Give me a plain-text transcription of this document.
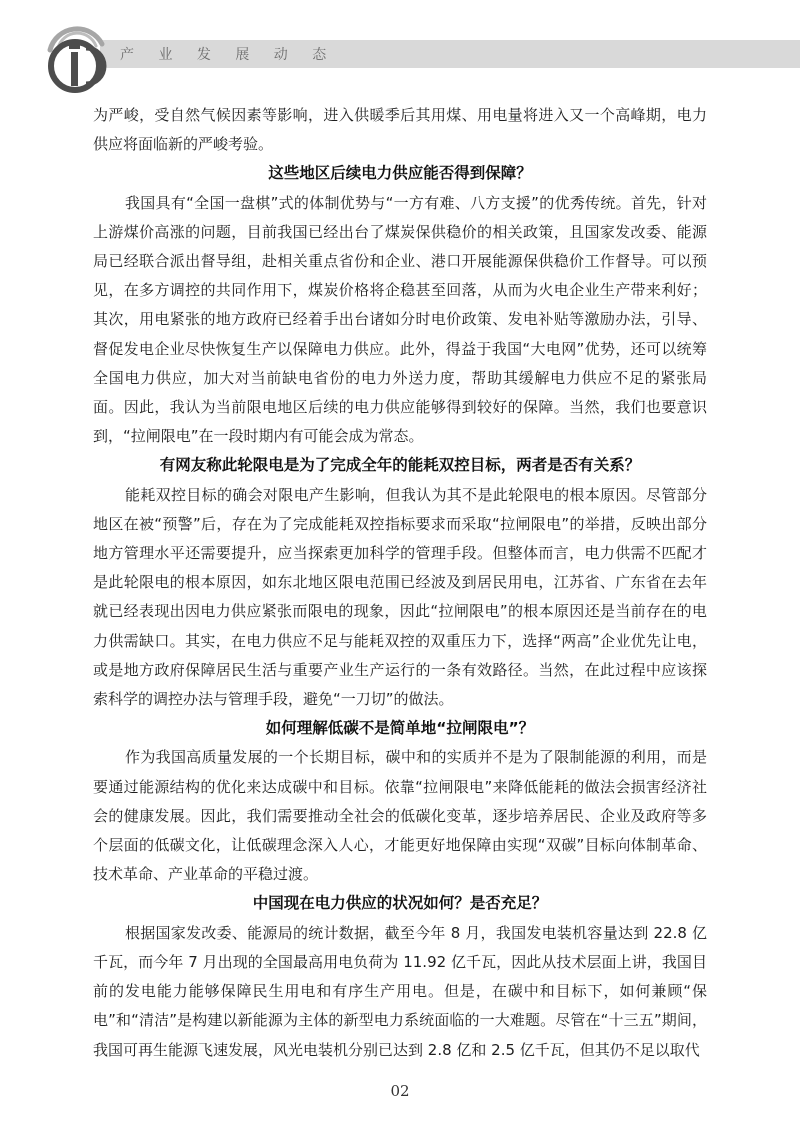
产 业 发 展 动 态

为严峻，受自然气候因素等影响，进入供暖季后其用煤、用电量将进入又一个高峰期，电力供应将面临新的严峻考验。

这些地区后续电力供应能否得到保障？

我国具有“全国一盘棋”式的体制优势与“一方有难、八方支援”的优秀传统。首先，针对上游煤价高涨的问题，目前我国已经出台了煤炭保供稳价的相关政策，且国家发改委、能源局已经联合派出督导组，赴相关重点省份和企业、港口开展能源保供稳价工作督导。可以预见，在多方调控的共同作用下，煤炭价格将企稳甚至回落，从而为火电企业生产带来利好；其次，用电紧张的地方政府已经着手出台诸如分时电价政策、发电补贴等激励办法，引导、督促发电企业尽快恢复生产以保障电力供应。此外，得益于我国“大电网”优势，还可以统筹全国电力供应，加大对当前缺电省份的电力外送力度，帮助其缓解电力供应不足的紧张局面。因此，我认为当前限电地区后续的电力供应能够得到较好的保障。当然，我们也要意识到，“拉闸限电”在一段时期内有可能会成为常态。

有网友称此轮限电是为了完成全年的能耗双控目标，两者是否有关系？

能耗双控目标的确会对限电产生影响，但我认为其不是此轮限电的根本原因。尽管部分地区在被“预警”后，存在为了完成能耗双控指标要求而采取“拉闸限电”的举措，反映出部分地方管理水平还需要提升，应当探索更加科学的管理手段。但整体而言，电力供需不匹配才是此轮限电的根本原因，如东北地区限电范围已经波及到居民用电，江苏省、广东省在去年就已经表现出因电力供应紧张而限电的现象，因此“拉闸限电”的根本原因还是当前存在的电力供需缺口。其实，在电力供应不足与能耗双控的双重压力下，选择“两高”企业优先让电，或是地方政府保障居民生活与重要产业生产运行的一条有效路径。当然，在此过程中应该探索科学的调控办法与管理手段，避免“一刀切”的做法。

如何理解低碳不是简单地“拉闸限电”？

作为我国高质量发展的一个长期目标，碳中和的实质并不是为了限制能源的利用，而是要通过能源结构的优化来达成碳中和目标。依靠“拉闸限电”来降低能耗的做法会损害经济社会的健康发展。因此，我们需要推动全社会的低碳化变革，逐步培养居民、企业及政府等多个层面的低碳文化，让低碳理念深入人心，才能更好地保障由实现“双碳”目标向体制革命、技术革命、产业革命的平稳过渡。

中国现在电力供应的状况如何？是否充足？

根据国家发改委、能源局的统计数据，截至今年 8 月，我国发电装机容量达到 22.8 亿千瓦，而今年 7 月出现的全国最高用电负荷为 11.92 亿千瓦，因此从技术层面上讲，我国目前的发电能力能够保障民生用电和有序生产用电。但是，在碳中和目标下，如何兼顾“保电”和“清洁”是构建以新能源为主体的新型电力系统面临的一大难题。尽管在“十三五”期间，我国可再生能源飞速发展，风光电装机分别已达到 2.8 亿和 2.5 亿千瓦，但其仍不足以取代

02
